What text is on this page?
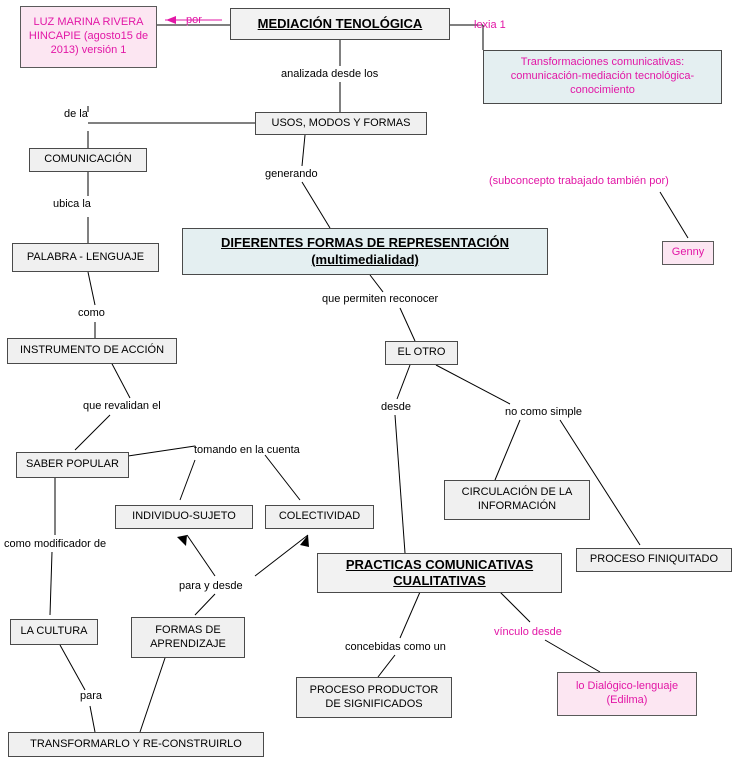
LUZ MARINA RIVERA HINCAPIE (agosto15 de 2013) versión 1
MEDIACIÓN TENOLÓGICA
Transformaciones comunicativas: comunicación-mediación tecnológica-conocimiento
USOS, MODOS Y FORMAS
COMUNICACIÓN
PALABRA - LENGUAJE
INSTRUMENTO DE ACCIÓN
DIFERENTES FORMAS DE REPRESENTACIÓN
(multimedialidad)	Genny
EL OTRO
SABER POPULAR
INDIVIDUO-SUJETO	COLECTIVIDAD
CIRCULACIÓN DE LA INFORMACIÓN
PROCESO FINIQUITADO
PRACTICAS COMUNICATIVAS
CUALITATIVAS
LA CULTURA	FORMAS DE APRENDIZAJE
PROCESO PRODUCTOR DE SIGNIFICADOS
lo Dialógico-lenguaje (Edilma)
TRANSFORMARLO Y RE-CONSTRUIRLO
por	lexia 1
analizada desde los
de la
ubica la
generando
(subconcepto trabajado también por)
como
que permiten reconocer
que revalidan el	desde	no como simple
tomando en la cuenta
como modificador de
para y desde
concebidas como un
vínculo desde
para
